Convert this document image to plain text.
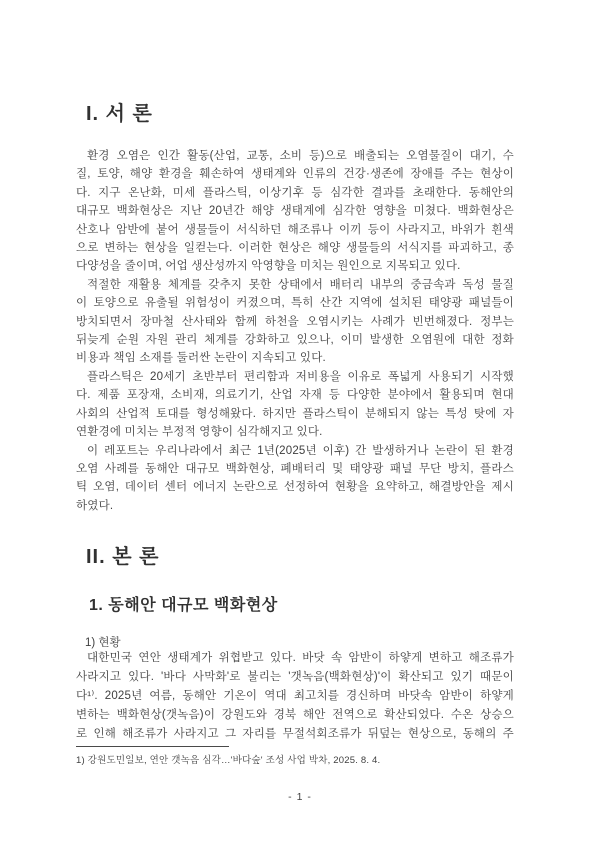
I. 서 론
환경 오염은 인간 활동(산업, 교통, 소비 등)으로 배출되는 오염물질이 대기, 수
질, 토양, 해양 환경을 훼손하여 생태계와 인류의 건강·생존에 장애를 주는 현상이
다. 지구 온난화, 미세 플라스틱, 이상기후 등 심각한 결과를 초래한다. 동해안의
대규모 백화현상은 지난 20년간 해양 생태계에 심각한 영향을 미쳤다. 백화현상은
산호나 암반에 붙어 생물들이 서식하던 해조류나 이끼 등이 사라지고, 바위가 흰색
으로 변하는 현상을 일컫는다. 이러한 현상은 해양 생물들의 서식지를 파괴하고, 종
다양성을 줄이며, 어업 생산성까지 악영향을 미치는 원인으로 지목되고 있다.
적절한 재활용 체계를 갖추지 못한 상태에서 배터리 내부의 중금속과 독성 물질
이 토양으로 유출될 위험성이 커졌으며, 특히 산간 지역에 설치된 태양광 패널들이
방치되면서 장마철 산사태와 함께 하천을 오염시키는 사례가 빈번해졌다. 정부는
뒤늦게 순원 자원 관리 체계를 강화하고 있으나, 이미 발생한 오염원에 대한 정화
비용과 책임 소재를 둘러싼 논란이 지속되고 있다.
플라스틱은 20세기 초반부터 편리함과 저비용을 이유로 폭넓게 사용되기 시작했
다. 제품 포장재, 소비재, 의료기기, 산업 자재 등 다양한 분야에서 활용되며 현대
사회의 산업적 토대를 형성해왔다. 하지만 플라스틱이 분해되지 않는 특성 탓에 자
연환경에 미치는 부정적 영향이 심각해지고 있다.
이 레포트는 우리나라에서 최근 1년(2025년 이후) 간 발생하거나 논란이 된 환경
오염 사례를 동해안 대규모 백화현상, 폐배터리 및 태양광 패널 무단 방치, 플라스
틱 오염, 데이터 센터 에너지 논란으로 선정하여 현황을 요약하고, 해결방안을 제시
하였다.
II. 본 론
1. 동해안 대규모 백화현상
1) 현황
대한민국 연안 생태계가 위협받고 있다. 바닷 속 암반이 하얗게 변하고 해조류가
사라지고 있다. '바다 사막화'로 불리는 '갯녹음(백화현상)'이 확산되고 있기 때문이
다¹⁾. 2025년 여름, 동해안 기온이 역대 최고치를 경신하며 바닷속 암반이 하얗게
변하는 백화현상(갯녹음)이 강원도와 경북 해안 전역으로 확산되었다. 수온 상승으
로 인해 해조류가 사라지고 그 자리를 무절석회조류가 뒤덮는 현상으로, 동해의 주
1) 강원도민일보, 연안 갯녹음 심각…'바다숲' 조성 사업 박차, 2025. 8. 4.
- 1 -
